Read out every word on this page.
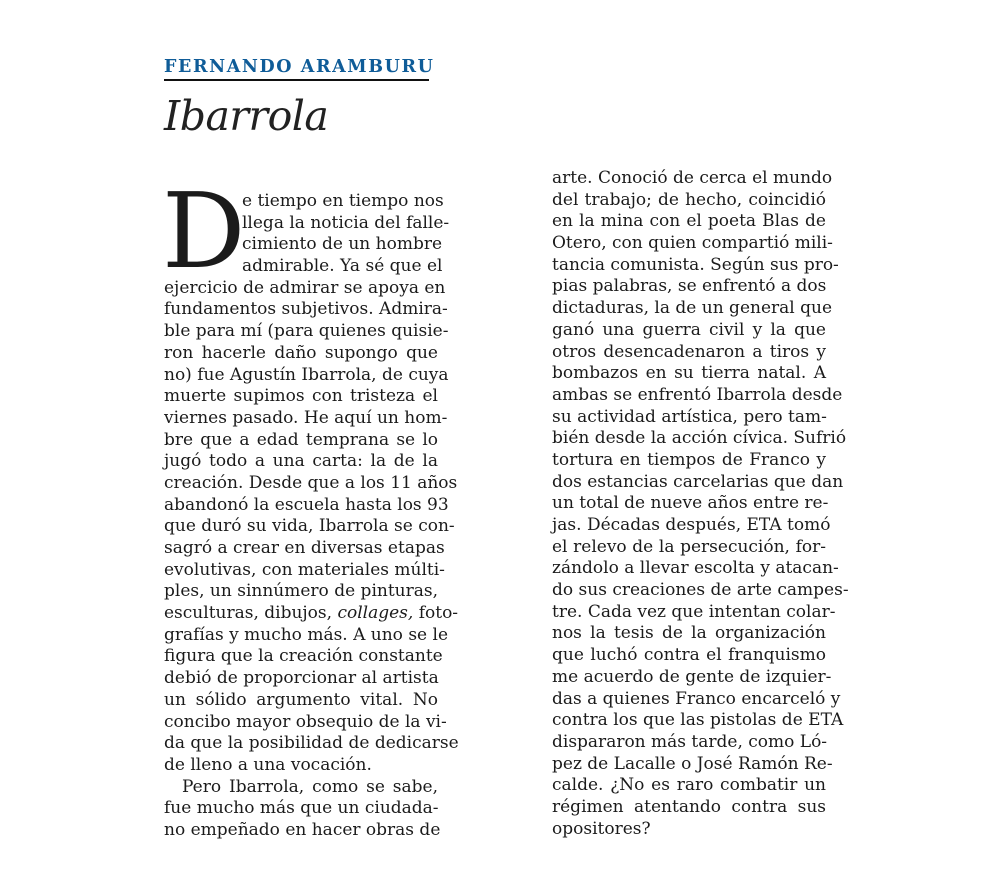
FERNANDO ARAMBURU
Ibarrola
D
e tiempo en tiempo nos
llega la noticia del falle-
cimiento de un hombre
admirable. Ya sé que el
ejercicio de admirar se apoya en
fundamentos subjetivos. Admira-
ble para mí (para quienes quisie-
ron hacerle daño supongo que
no) fue Agustín Ibarrola, de cuya
muerte supimos con tristeza el
viernes pasado. He aquí un hom-
bre que a edad temprana se lo
jugó todo a una carta: la de la
creación. Desde que a los 11 años
abandonó la escuela hasta los 93
que duró su vida, Ibarrola se con-
sagró a crear en diversas etapas
evolutivas, con materiales múlti-
ples, un sinnúmero de pinturas,
esculturas, dibujos, collages, foto-
grafías y mucho más. A uno se le
figura que la creación constante
debió de proporcionar al artista
un sólido argumento vital. No
concibo mayor obsequio de la vi-
da que la posibilidad de dedicarse
de lleno a una vocación.
Pero Ibarrola, como se sabe,
fue mucho más que un ciudada-
no empeñado en hacer obras de
arte. Conoció de cerca el mundo
del trabajo; de hecho, coincidió
en la mina con el poeta Blas de
Otero, con quien compartió mili-
tancia comunista. Según sus pro-
pias palabras, se enfrentó a dos
dictaduras, la de un general que
ganó una guerra civil y la que
otros desencadenaron a tiros y
bombazos en su tierra natal. A
ambas se enfrentó Ibarrola desde
su actividad artística, pero tam-
bién desde la acción cívica. Sufrió
tortura en tiempos de Franco y
dos estancias carcelarias que dan
un total de nueve años entre re-
jas. Décadas después, ETA tomó
el relevo de la persecución, for-
zándolo a llevar escolta y atacan-
do sus creaciones de arte campes-
tre. Cada vez que intentan colar-
nos la tesis de la organización
que luchó contra el franquismo
me acuerdo de gente de izquier-
das a quienes Franco encarceló y
contra los que las pistolas de ETA
dispararon más tarde, como Ló-
pez de Lacalle o José Ramón Re-
calde. ¿No es raro combatir un
régimen atentando contra sus
opositores?
